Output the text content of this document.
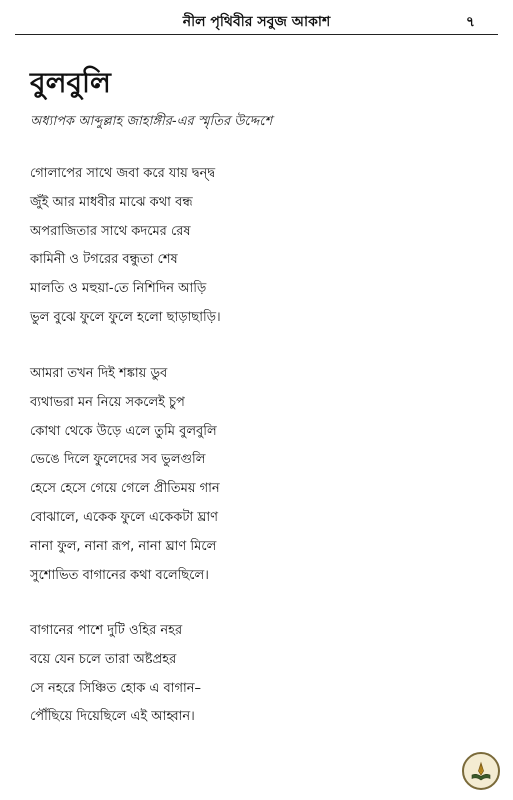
নীল পৃথিবীর সবুজ আকাশ	৭
বুলবুলি
অধ্যাপক আব্দুল্লাহ জাহাঙ্গীর-এর স্মৃতির উদ্দেশে
গোলাপের সাথে জবা করে যায় দ্বন্দ্ব
জুঁই আর মাধবীর মাঝে কথা বন্ধ
অপরাজিতার সাথে কদমের রেষ
কামিনী ও টগরের বন্ধুতা শেষ
মালতি ও মহুয়া-তে নিশিদিন আড়ি
ভুল বুঝে ফুলে ফুলে হলো ছাড়াছাড়ি।
আমরা তখন দিই শঙ্কায় ডুব
ব্যথাভরা মন নিয়ে সকলেই চুপ
কোথা থেকে উড়ে এলে তুমি বুলবুলি
ভেঙে দিলে ফুলেদের সব ভুলগুলি
হেসে হেসে গেয়ে গেলে প্রীতিময় গান
বোঝালে, একেক ফুলে একেকটা ঘ্রাণ
নানা ফুল, নানা রূপ, নানা ঘ্রাণ মিলে
সুশোভিত বাগানের কথা বলেছিলে।
বাগানের পাশে দুটি ওহির নহর
বয়ে যেন চলে তারা অষ্টপ্রহর
সে নহরে সিঞ্চিত হোক এ বাগান–
পৌঁছিয়ে দিয়েছিলে এই আহ্বান।
